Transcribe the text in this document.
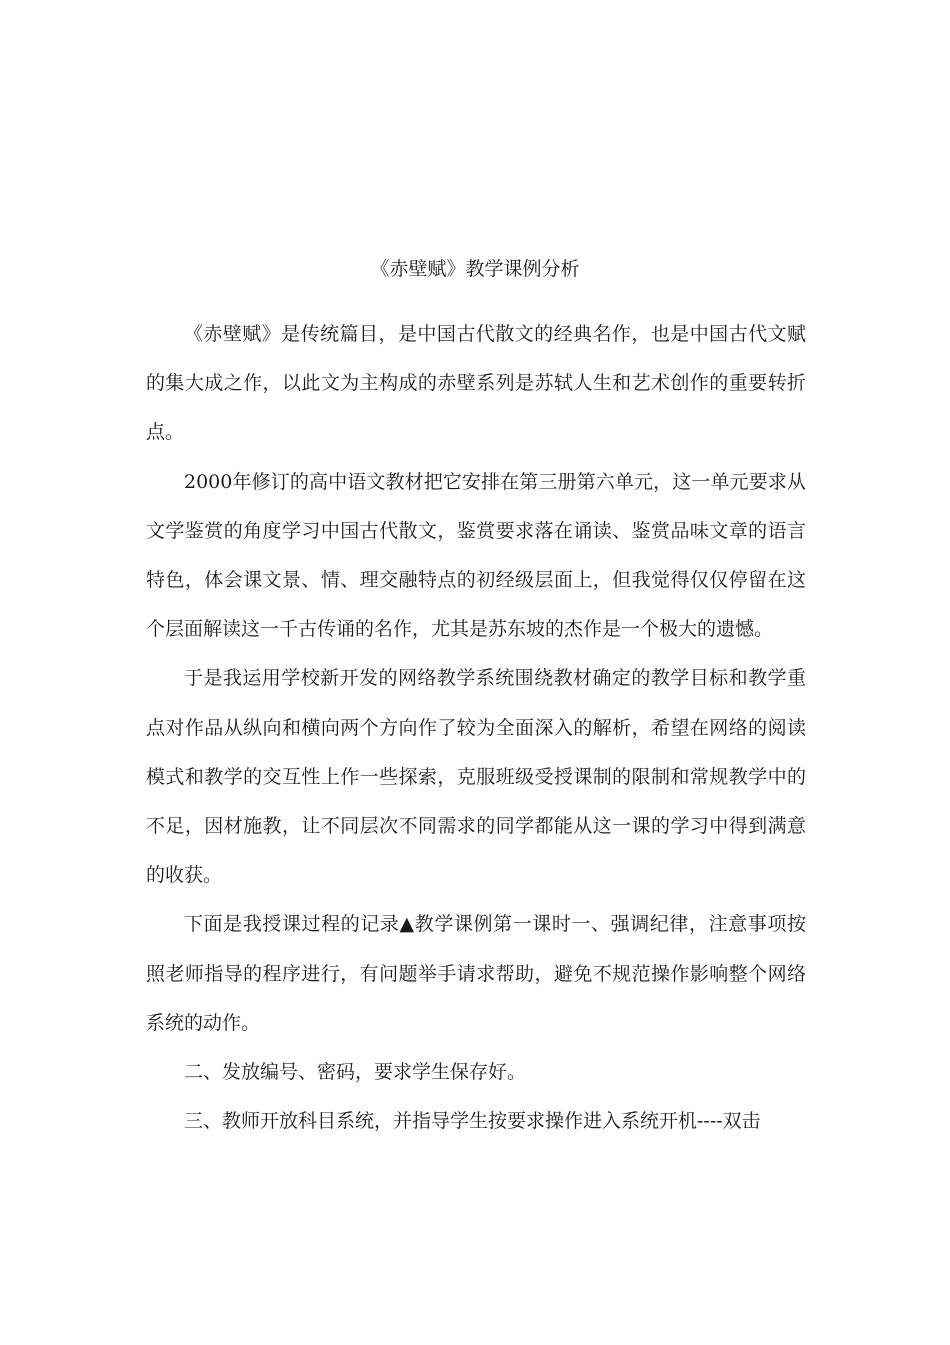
《赤壁赋》教学课例分析

《赤壁赋》是传统篇目，是中国古代散文的经典名作，也是中国古代文赋的集大成之作，以此文为主构成的赤壁系列是苏轼人生和艺术创作的重要转折点。

2000年修订的高中语文教材把它安排在第三册第六单元，这一单元要求从文学鉴赏的角度学习中国古代散文，鉴赏要求落在诵读、鉴赏品味文章的语言特色，体会课文景、情、理交融特点的初经级层面上，但我觉得仅仅停留在这个层面解读这一千古传诵的名作，尤其是苏东坡的杰作是一个极大的遗憾。

于是我运用学校新开发的网络教学系统围绕教材确定的教学目标和教学重点对作品从纵向和横向两个方向作了较为全面深入的解析，希望在网络的阅读模式和教学的交互性上作一些探索，克服班级受授课制的限制和常规教学中的不足，因材施教，让不同层次不同需求的同学都能从这一课的学习中得到满意的收获。

下面是我授课过程的记录▲教学课例第一课时一、强调纪律，注意事项按照老师指导的程序进行，有问题举手请求帮助，避免不规范操作影响整个网络系统的动作。

二、发放编号、密码，要求学生保存好。

三、教师开放科目系统，并指导学生按要求操作进入系统开机----双击
